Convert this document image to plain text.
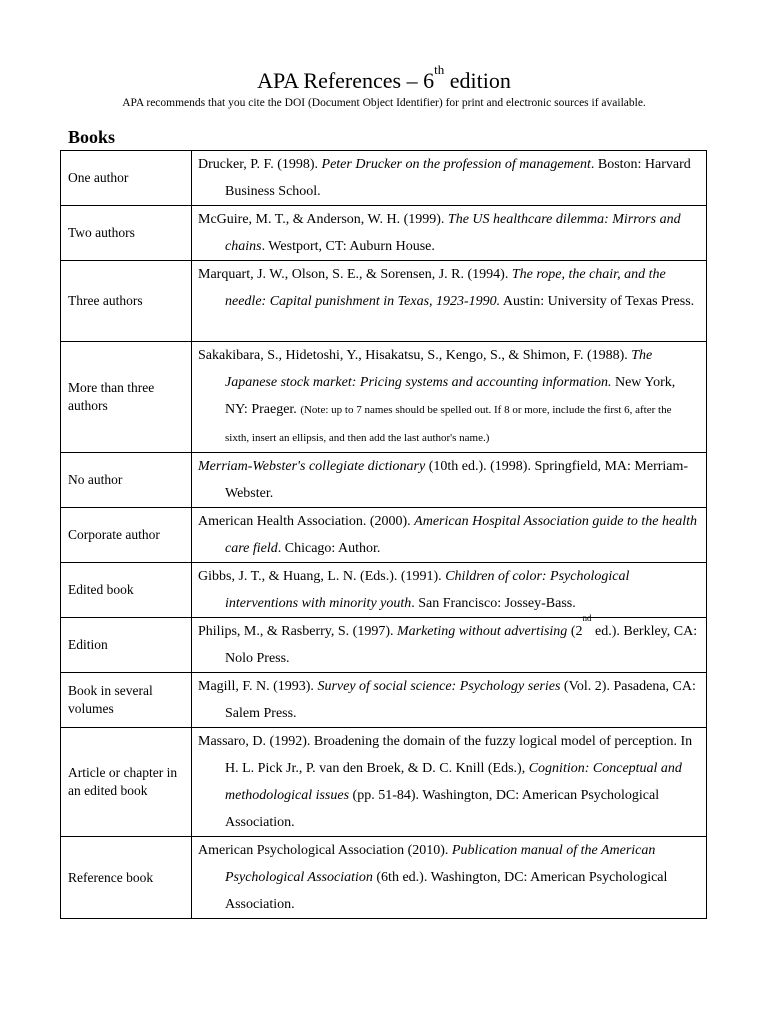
APA References – 6th edition
APA recommends that you cite the DOI (Document Object Identifier) for print and electronic sources if available.
Books
One author	Drucker, P. F. (1998). Peter Drucker on the profession of management. Boston: Harvard Business School.

Two authors	McGuire, M. T., & Anderson, W. H. (1999). The US healthcare dilemma: Mirrors and chains. Westport, CT: Auburn House.

Three authors	Marquart, J. W., Olson, S. E., & Sorensen, J. R. (1994). The rope, the chair, and the needle: Capital punishment in Texas, 1923-1990. Austin: University of Texas Press.

More than three authors	Sakakibara, S., Hidetoshi, Y., Hisakatsu, S., Kengo, S., & Shimon, F. (1988). The Japanese stock market: Pricing systems and accounting information. New York, NY: Praeger. (Note: up to 7 names should be spelled out. If 8 or more, include the first 6, after the sixth, insert an ellipsis, and then add the last author's name.)

No author	Merriam-Webster's collegiate dictionary (10th ed.). (1998). Springfield, MA: Merriam-Webster.

Corporate author	American Health Association. (2000). American Hospital Association guide to the health care field. Chicago: Author.

Edited book	Gibbs, J. T., & Huang, L. N. (Eds.). (1991). Children of color: Psychological interventions with minority youth. San Francisco: Jossey-Bass.

Edition	Philips, M., & Rasberry, S. (1997). Marketing without advertising (2nd ed.). Berkley, CA: Nolo Press.

Book in several volumes	Magill, F. N. (1993). Survey of social science: Psychology series (Vol. 2). Pasadena, CA: Salem Press.

Article or chapter in an edited book	Massaro, D. (1992). Broadening the domain of the fuzzy logical model of perception. In H. L. Pick Jr., P. van den Broek, & D. C. Knill (Eds.), Cognition: Conceptual and methodological issues (pp. 51-84). Washington, DC: American Psychological Association.

Reference book	American Psychological Association (2010). Publication manual of the American Psychological Association (6th ed.). Washington, DC: American Psychological Association.
